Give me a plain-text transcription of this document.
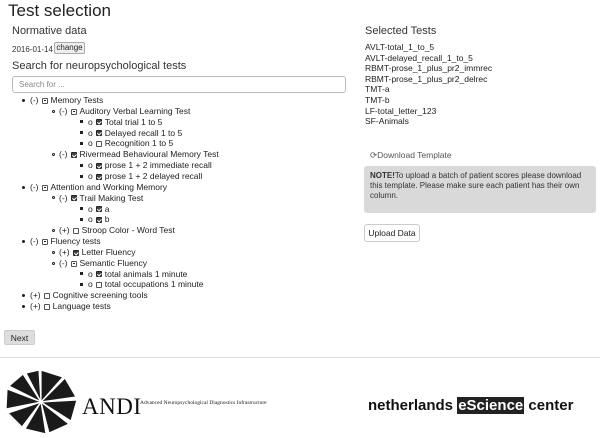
Test selection
Normative data
2016-01-14 change
Search for neuropsychological tests
Search for ...
(-) Memory Tests
(-) Auditory Verbal Learning Test
o Total trial 1 to 5
o Delayed recall 1 to 5
o Recognition 1 to 5
(-) Rivermead Behavioural Memory Test
o prose 1 + 2 immediate recall
o prose 1 + 2 delayed recall
(-) Attention and Working Memory
(-) Trail Making Test
o a
o b
(+) Stroop Color - Word Test
(-) Fluency tests
(+) Letter Fluency
(-) Semantic Fluency
o total animals 1 minute
o total occupations 1 minute
(+) Cognitive screening tools
(+) Language tests
Next
Selected Tests
AVLT-total_1_to_5
AVLT-delayed_recall_1_to_5
RBMT-prose_1_plus_pr2_immrec
RBMT-prose_1_plus_pr2_delrec
TMT-a
TMT-b
LF-total_letter_123
SF-Animals
⟳Download Template
NOTE!To upload a batch of patient scores please download this template. Please make sure each patient has their own column.
Upload Data
ANDI
Advanced Neuropsychological Diagnostics Infrastructure	netherlands eScience center
